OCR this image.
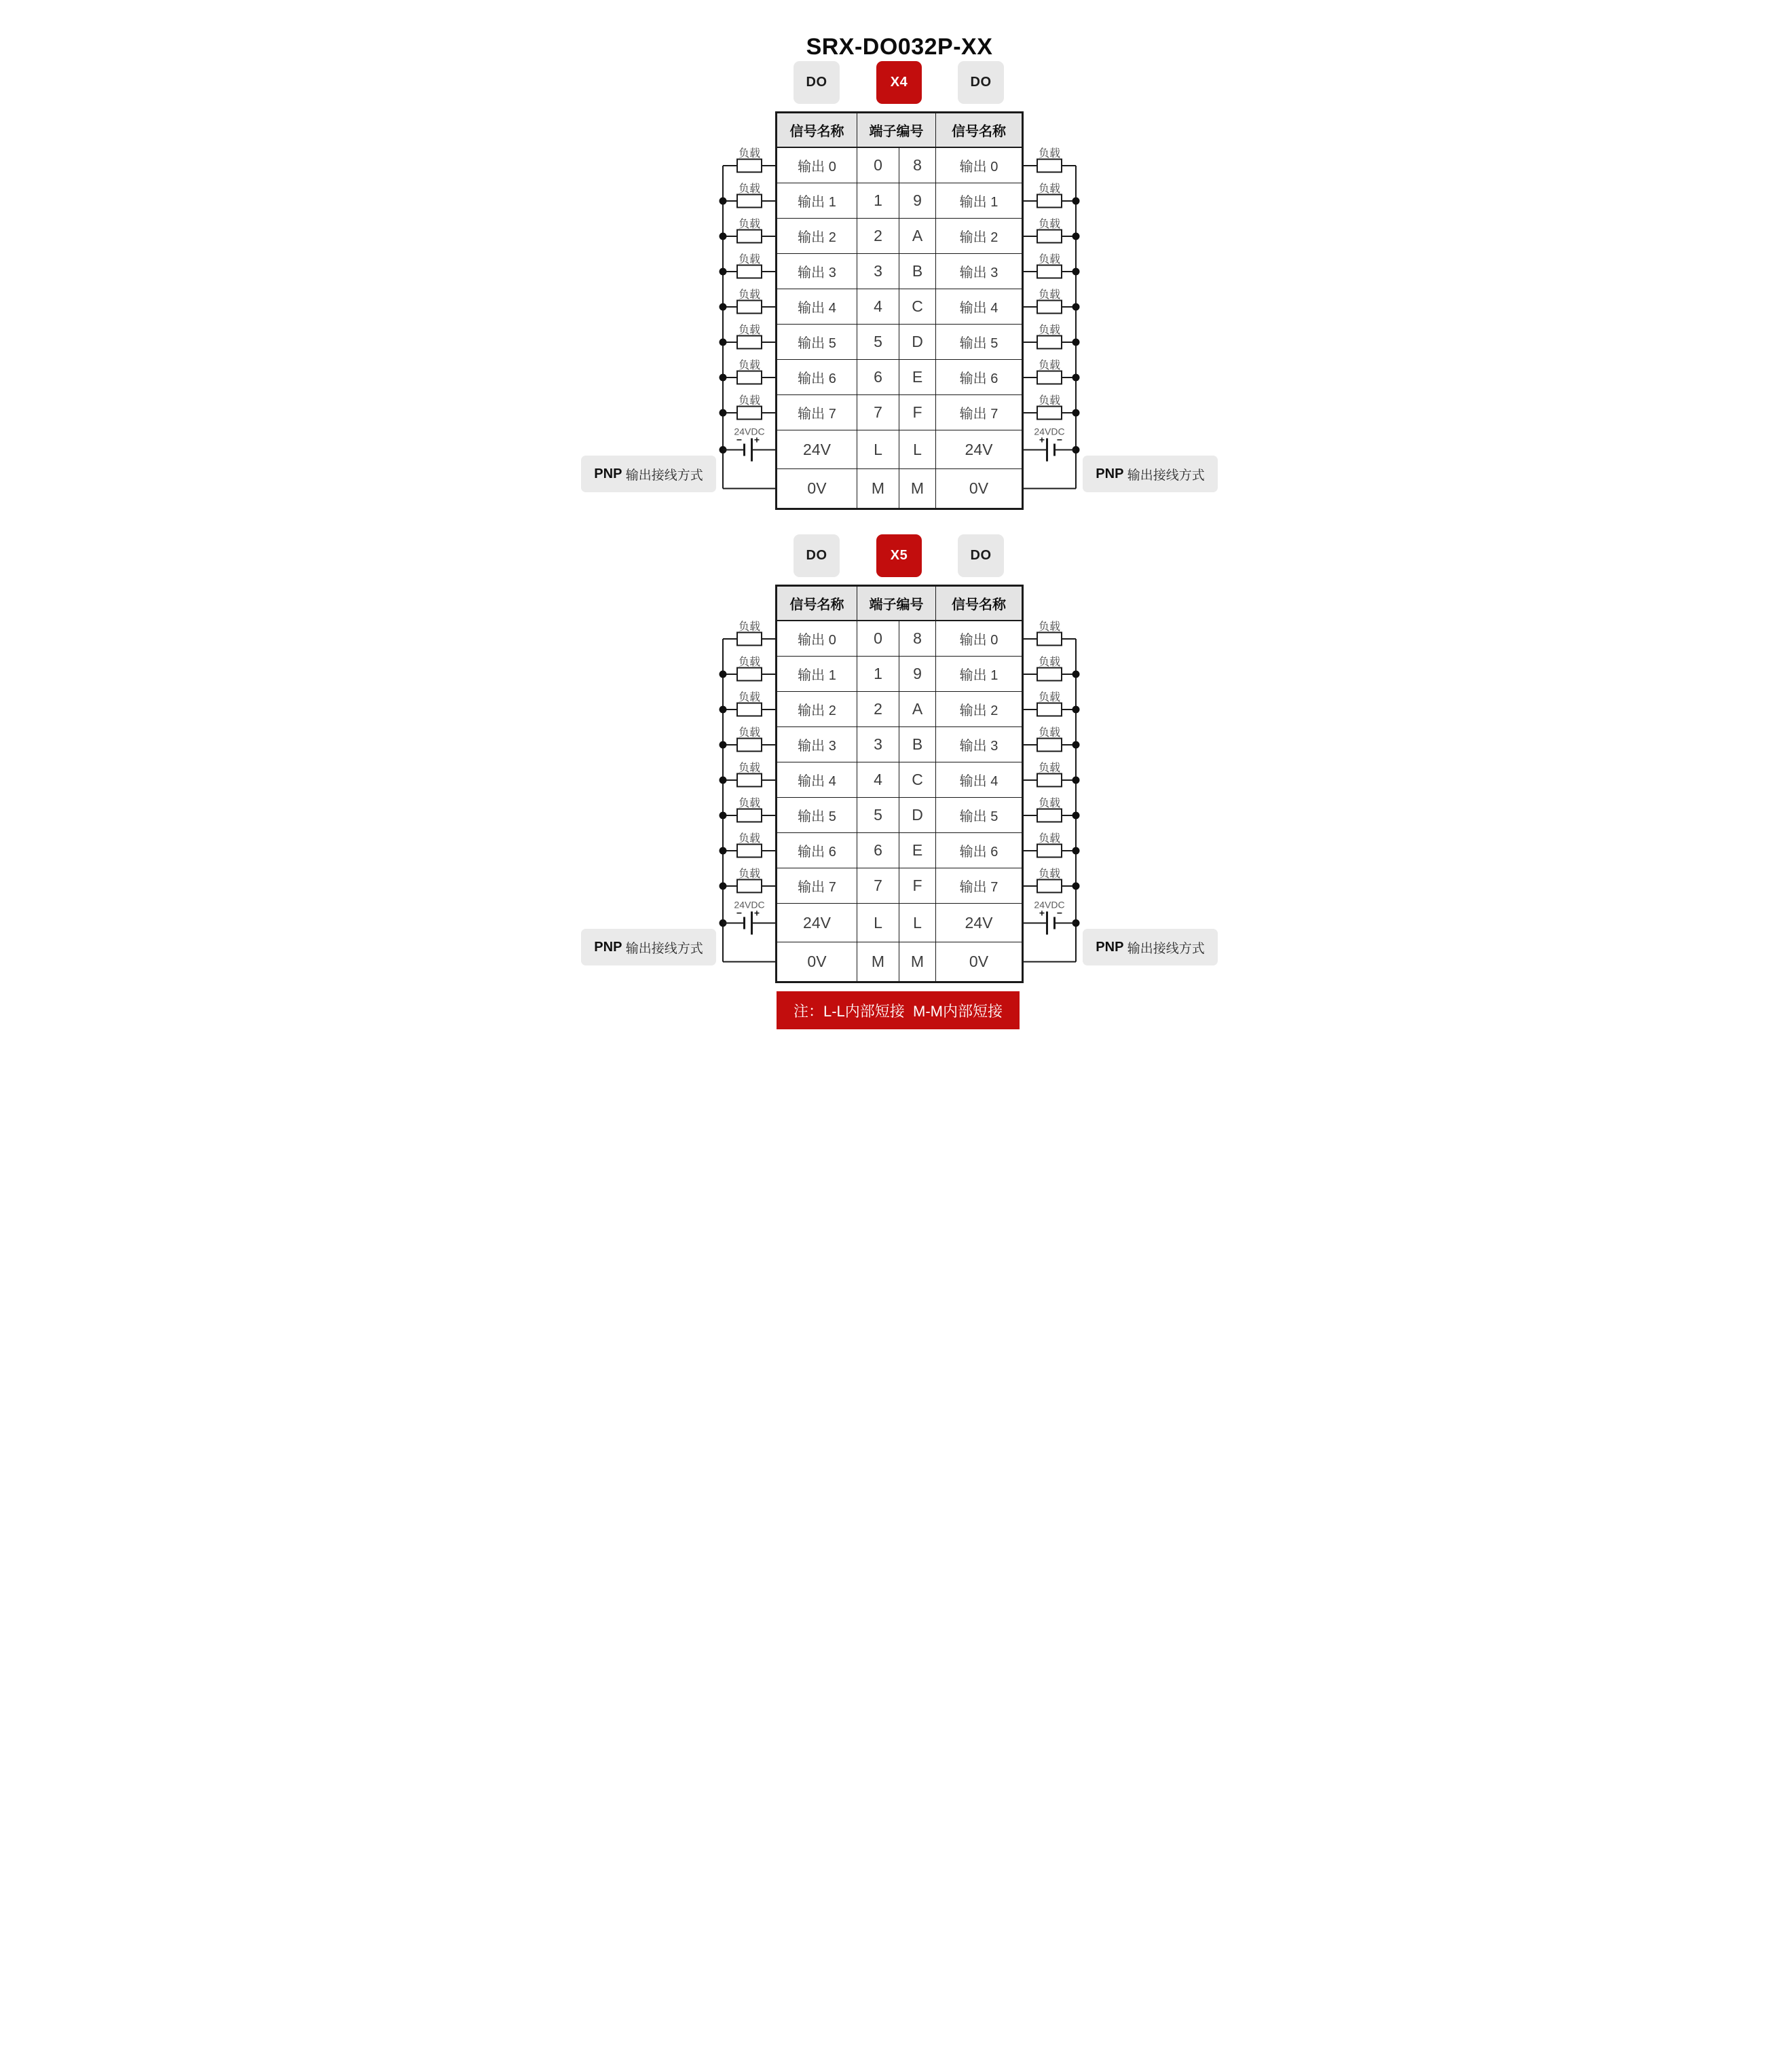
SRX-DO032P-XX
DO	X4	DO
信号名称	端子编号	信号名称
输出 0	0	8	输出 0
输出 1	1	9	输出 1
输出 2	2	A	输出 2
输出 3	3	B	输出 3
输出 4	4	C	输出 4
输出 5	5	D	输出 5
输出 6	6	E	输出 6
输出 7	7	F	输出 7
24V	L	L	24V
0V	M	M	0V
负载
负载
负载
负载
负载
负载
负载
负载
− +
24VDC
负载
负载
负载
负载
负载
负载
负载
负载
+ −
24VDC
PNP 输出接线方式	PNP 输出接线方式
DO	X5	DO
信号名称	端子编号	信号名称
输出 0	0	8	输出 0
输出 1	1	9	输出 1
输出 2	2	A	输出 2
输出 3	3	B	输出 3
输出 4	4	C	输出 4
输出 5	5	D	输出 5
输出 6	6	E	输出 6
输出 7	7	F	输出 7
24V	L	L	24V
0V	M	M	0V
负载
负载
负载
负载
负载
负载
负载
负载
− +
24VDC
负载
负载
负载
负载
负载
负载
负载
负载
+ −
24VDC
PNP 输出接线方式	PNP 输出接线方式
注：L-L内部短接  M-M内部短接
